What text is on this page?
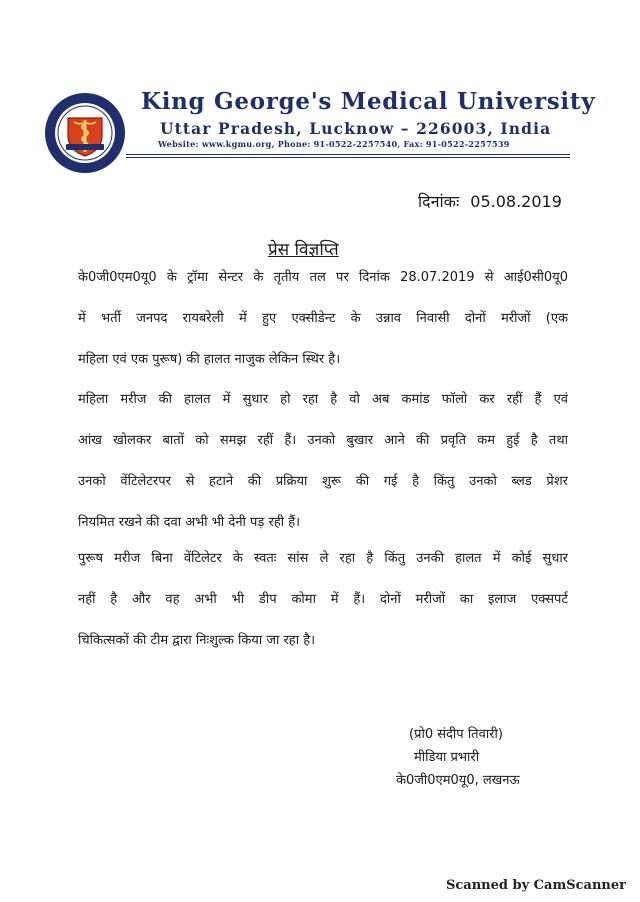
King George's Medical University
Uttar Pradesh, Lucknow – 226003, India
Website: www.kgmu.org, Phone: 91-0522-2257540, Fax: 91-0522-2257539
दिनांकः 05.08.2019
प्रेस विज्ञप्ति
के0जी0एम0यू0 के ट्रॉमा सेन्टर के तृतीय तल पर दिनांक 28.07.2019 से आई0सी0यू0
में भर्ती जनपद रायबरेली में हुए एक्सीडेन्ट के उन्नाव निवासी दोनों मरीजों (एक
महिला एवं एक पुरूष) की हालत नाजुक लेकिन स्थिर है।
महिला मरीज की हालत में सुधार हो रहा है वो अब कमांड फॉलो कर रहीं हैं एवं
आंख खोलकर बातों को समझ रहीं हैं। उनको बुखार आने की प्रवृति कम हुई है तथा
उनको वेंटिलेटरपर से हटाने की प्रक्रिया शुरू की गई है किंतु उनको ब्लड प्रेशर
नियमित रखने की दवा अभी भी देनी पड़ रही हैं।
पुरूष मरीज बिना वेंटिलेटर के स्वतः सांस ले रहा है किंतु उनकी हालत में कोई सुधार
नहीं है और वह अभी भी डीप कोमा में हैं। दोनों मरीजों का इलाज एक्सपर्ट
चिकित्सकों की टीम द्वारा निःशुल्क किया जा रहा है।
(प्रो0 संदीप तिवारी)
मीडिया प्रभारी
के0जी0एम0यू0, लखनऊ
Scanned by CamScanner
